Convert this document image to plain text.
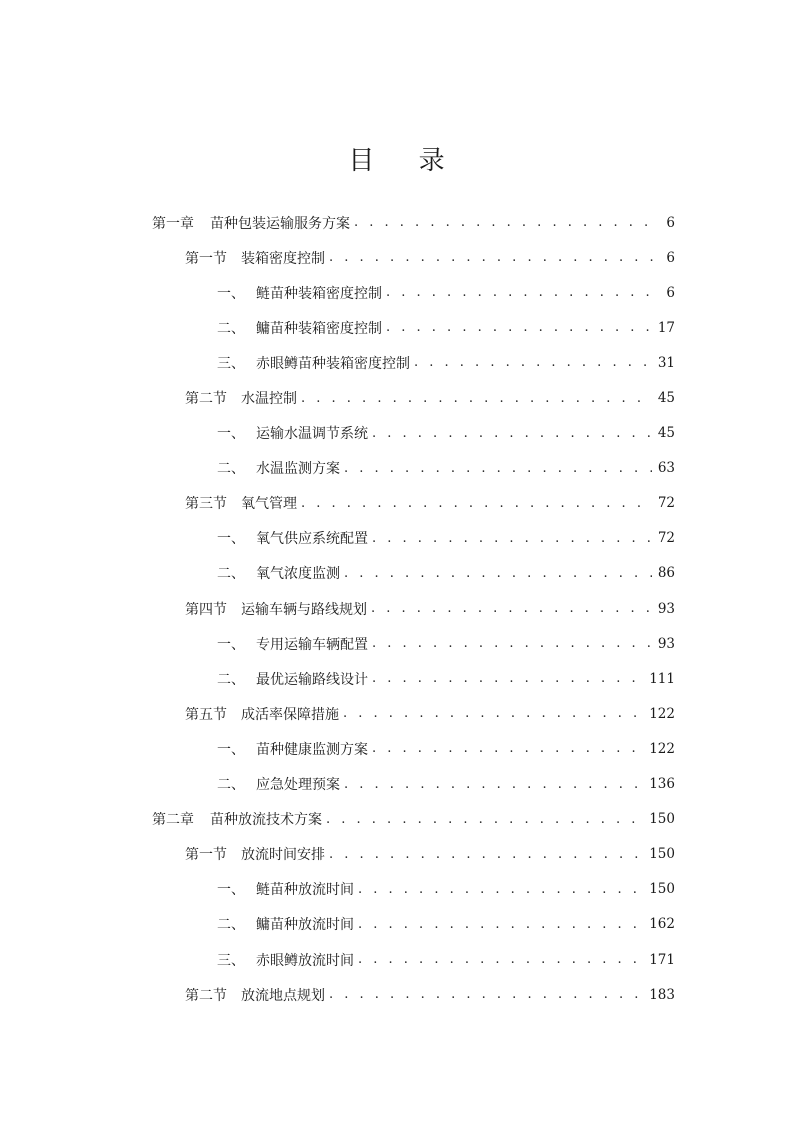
目 录
第一章	苗种包装运输服务方案 . . .	6
第一节	装箱密度控制 . . .	6
一、 鲢苗种装箱密度控制 . . .	6
二、 鳙苗种装箱密度控制 . . .	17
三、 赤眼鳟苗种装箱密度控制 . . .	31
第二节	水温控制 . . .	45
一、 运输水温调节系统 . . .	45
二、 水温监测方案 . . .	63
第三节	氧气管理 . . .	72
一、 氧气供应系统配置 . . .	72
二、 氧气浓度监测 . . .	86
第四节	运输车辆与路线规划 . . .	93
一、 专用运输车辆配置 . . .	93
二、 最优运输路线设计 . . .	111
第五节	成活率保障措施 . . .	122
一、 苗种健康监测方案 . . .	122
二、 应急处理预案 . . .	136
第二章	苗种放流技术方案 . . .	150
第一节	放流时间安排 . . .	150
一、 鲢苗种放流时间 . . .	150
二、 鳙苗种放流时间 . . .	162
三、 赤眼鳟放流时间 . . .	171
第二节	放流地点规划 . . .	183
